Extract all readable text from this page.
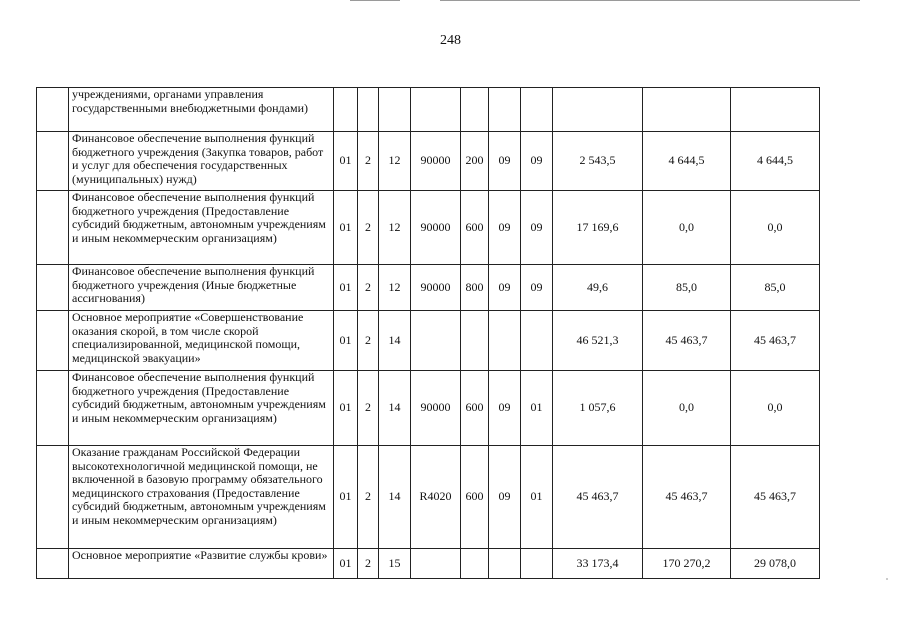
248
	учреждениями, органами управления государственными внебюджетными фондами)										
	Финансовое обеспечение выполнения функций бюджетного учреждения (Закупка товаров, работ и услуг для обеспечения государственных (муниципальных) нужд)	01	2	12	90000	200	09	09	2 543,5	4 644,5	4 644,5
	Финансовое обеспечение выполнения функций бюджетного учреждения (Предоставление субсидий бюджетным, автономным учреждениям и иным некоммерческим организациям)	01	2	12	90000	600	09	09	17 169,6	0,0	0,0
	Финансовое обеспечение выполнения функций бюджетного учреждения (Иные бюджетные ассигнования)	01	2	12	90000	800	09	09	49,6	85,0	85,0
	Основное мероприятие «Совершенствование оказания скорой, в том числе скорой специализированной, медицинской помощи, медицинской эвакуации»	01	2	14					46 521,3	45 463,7	45 463,7
	Финансовое обеспечение выполнения функций бюджетного учреждения (Предоставление субсидий бюджетным, автономным учреждениям и иным некоммерческим организациям)	01	2	14	90000	600	09	01	1 057,6	0,0	0,0
	Оказание гражданам Российской Федерации высокотехнологичной медицинской помощи, не включенной в базовую программу обязательного медицинского страхования (Предоставление субсидий бюджетным, автономным учреждениям и иным некоммерческим организациям)	01	2	14	R4020	600	09	01	45 463,7	45 463,7	45 463,7
	Основное мероприятие «Развитие службы крови»	01	2	15					33 173,4	170 270,2	29 078,0
